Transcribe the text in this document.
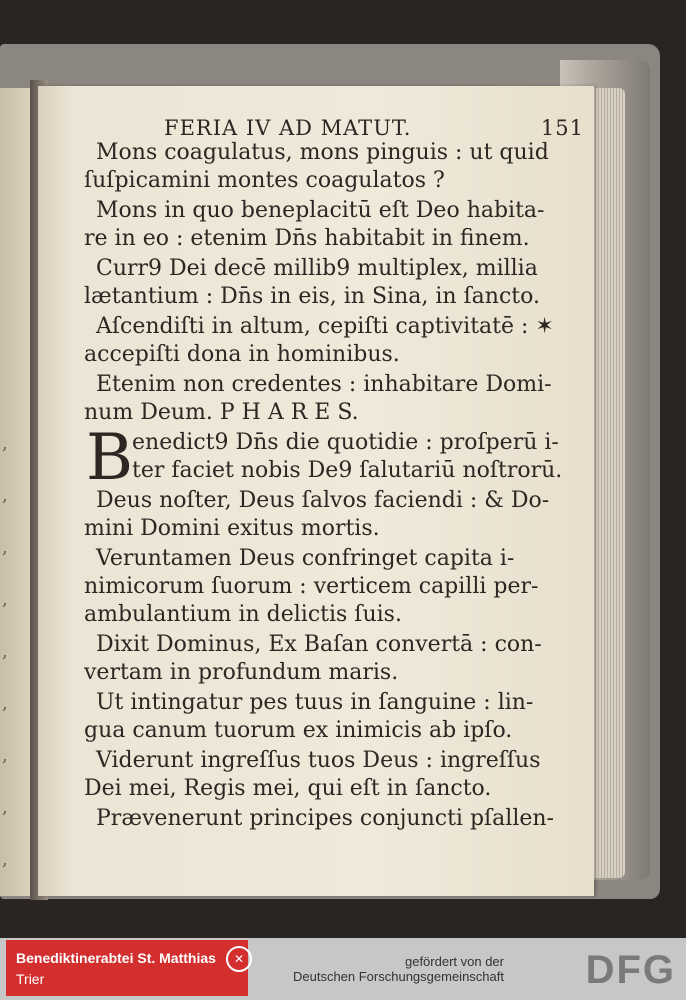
,
,
,
,
,
,
,
,
,
FERIA IV AD MATUT.	151
Mons coagulatus, mons pinguis : ut quid
ſuſpicamini montes coagulatos ?
Mons in quo beneplacitū eſt Deo habita-
re in eo : etenim Dn̄s habitabit in finem.
Curr9 Dei decē millib9 multiplex, millia
lætantium : Dn̄s in eis, in Sina, in ſancto.
Aſcendiſti in altum, cepiſti captivitatē : ✶
accepiſti dona in hominibus.
Etenim non credentes : inhabitare Domi-
num Deum. P H A R E S.
B
enedict9 Dn̄s die quotidie : proſperū i-
ter faciet nobis De9 ſalutariū noſtrorū.
Deus noſter, Deus ſalvos faciendi : & Do-
mini Domini exitus mortis.
Veruntamen Deus confringet capita i-
nimicorum ſuorum : verticem capilli per-
ambulantium in delictis ſuis.
Dixit Dominus, Ex Baſan convertā : con-
vertam in profundum maris.
Ut intingatur pes tuus in ſanguine : lin-
gua canum tuorum ex inimicis ab ipſo.
Viderunt ingreſſus tuos Deus : ingreſſus
Dei mei, Regis mei, qui eſt in ſancto.
Prævenerunt principes conjuncti pſallen-
Benediktinerabtei St. Matthias
Trier
✕	gefördert von der
Deutschen Forschungsgemeinschaft DFG
